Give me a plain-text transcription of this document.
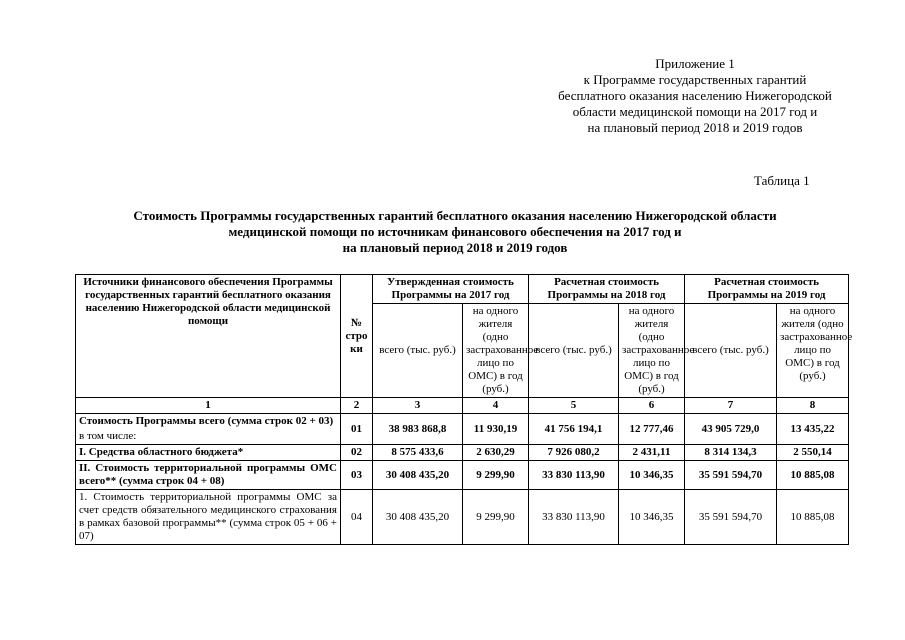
Приложение 1
к Программе государственных гарантий
бесплатного оказания населению Нижегородской
области медицинской помощи на 2017 год и
на плановый период 2018 и 2019 годов
Таблица 1
Стоимость Программы государственных гарантий бесплатного оказания населению Нижегородской области
медицинской помощи по источникам финансового обеспечения на 2017 год и
на плановый период 2018 и 2019 годов
Источники финансового обеспечения Программы государственных гарантий бесплатного оказания населению Нижегородской области медицинской помощи	№ стро ки	Утвержденная стоимость Программы на 2017 год		Расчетная стоимость Программы на 2018 год		Расчетная стоимость Программы на 2019 год	
		всего (тыс. руб.)	на одного жителя (одно застрахованное лицо по ОМС) в год (руб.)	всего (тыс. руб.)	на одного жителя (одно застрахованное лицо по ОМС) в год (руб.)	всего (тыс. руб.)	на одного жителя (одно застрахованное лицо по ОМС) в год (руб.)
1	2	3	4	5	6	7	8
Стоимость Программы всего (сумма строк 02 + 03)	01	38 983 868,8	11 930,19	41 756 194,1	12 777,46	43 905 729,0	13 435,22
в том числе:							
I. Средства областного бюджета*	02	8 575 433,6	2 630,29	7 926 080,2	2 431,11	8 314 134,3	2 550,14
II. Стоимость территориальной программы ОМС всего** (сумма строк 04 + 08)	03	30 408 435,20	9 299,90	33 830 113,90	10 346,35	35 591 594,70	10 885,08
1. Стоимость территориальной программы ОМС за счет средств обязательного медицинского страхования в рамках базовой программы** (сумма строк 05 + 06 + 07)	04	30 408 435,20	9 299,90	33 830 113,90	10 346,35	35 591 594,70	10 885,08
